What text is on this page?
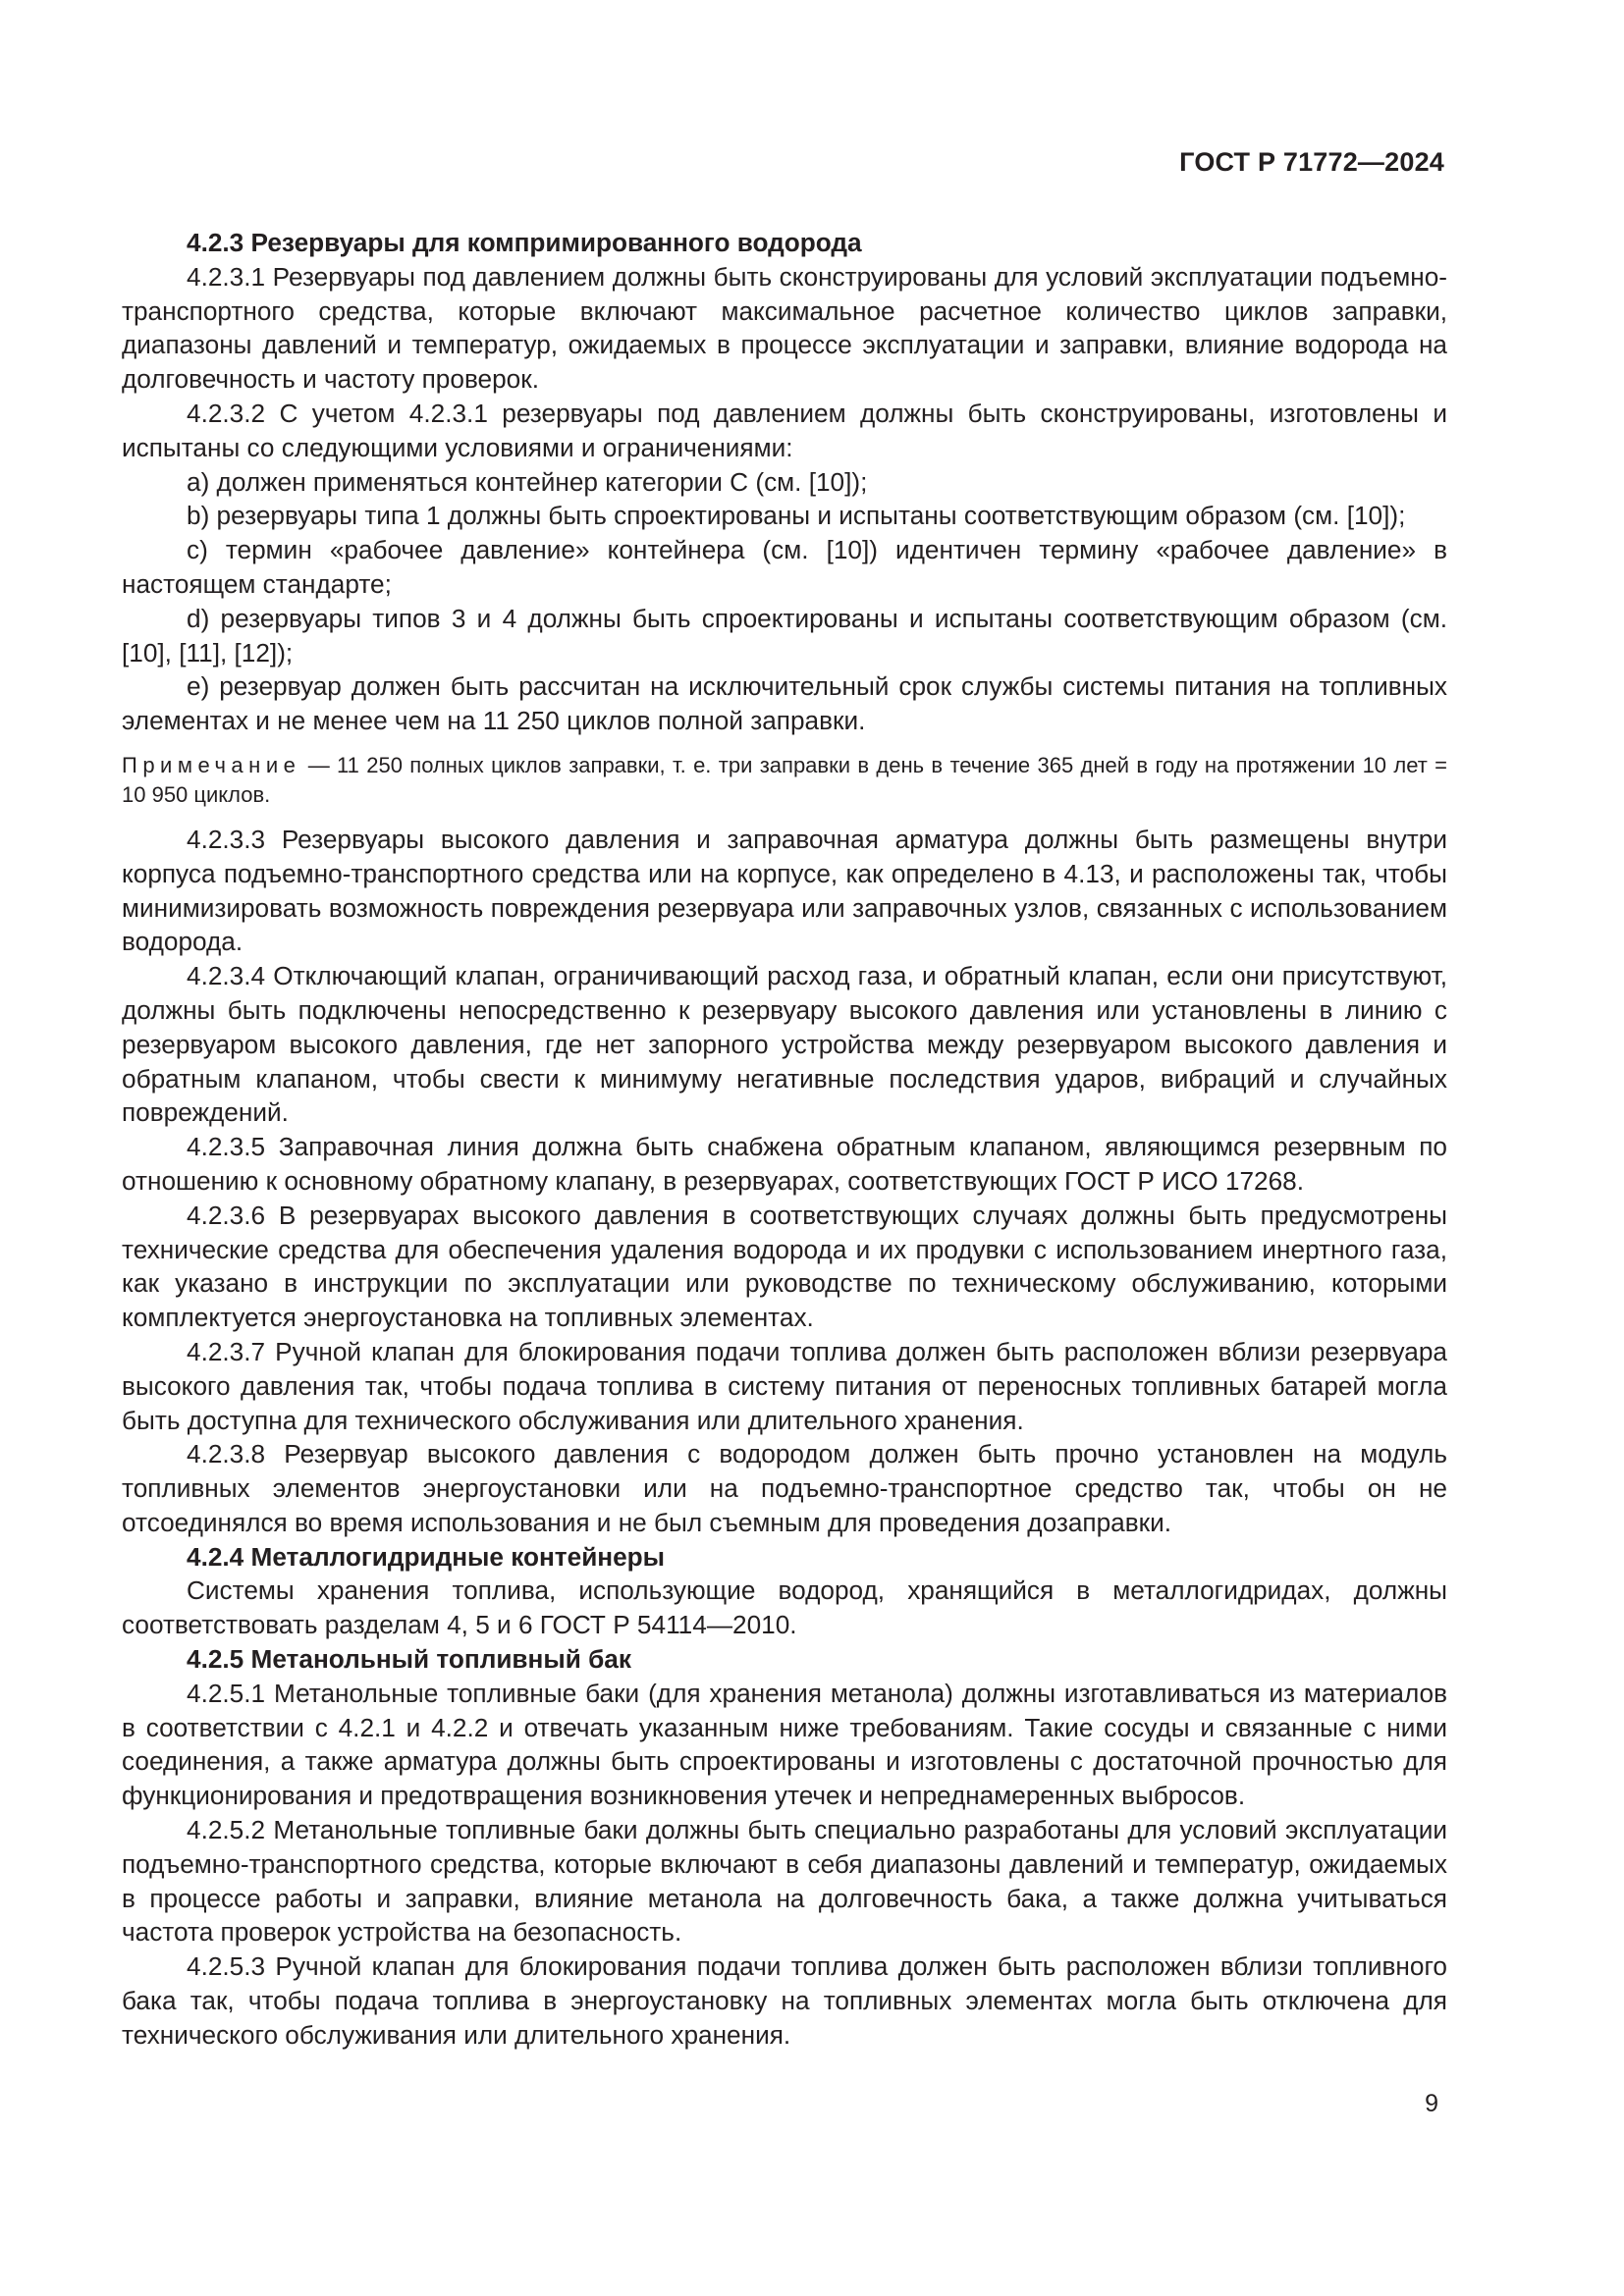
ГОСТ Р 71772—2024

4.2.3 Резервуары для компримированного водорода

4.2.3.1 Резервуары под давлением должны быть сконструированы для условий эксплуатации подъемно-транспортного средства, которые включают максимальное расчетное количество циклов заправки, диапазоны давлений и температур, ожидаемых в процессе эксплуатации и заправки, влияние водорода на долговечность и частоту проверок.

4.2.3.2 С учетом 4.2.3.1 резервуары под давлением должны быть сконструированы, изготовлены и испытаны со следующими условиями и ограничениями:

a) должен применяться контейнер категории С (см. [10]);

b) резервуары типа 1 должны быть спроектированы и испытаны соответствующим образом (см. [10]);

c) термин «рабочее давление» контейнера (см. [10]) идентичен термину «рабочее давление» в настоящем стандарте;

d) резервуары типов 3 и 4 должны быть спроектированы и испытаны соответствующим образом (см. [10], [11], [12]);

e) резервуар должен быть рассчитан на исключительный срок службы системы питания на топливных элементах и не менее чем на 11 250 циклов полной заправки.

Примечание — 11 250 полных циклов заправки, т. е. три заправки в день в течение 365 дней в году на протяжении 10 лет = 10 950 циклов.

4.2.3.3 Резервуары высокого давления и заправочная арматура должны быть размещены внутри корпуса подъемно-транспортного средства или на корпусе, как определено в 4.13, и расположены так, чтобы минимизировать возможность повреждения резервуара или заправочных узлов, связанных с использованием водорода.

4.2.3.4 Отключающий клапан, ограничивающий расход газа, и обратный клапан, если они присутствуют, должны быть подключены непосредственно к резервуару высокого давления или установлены в линию с резервуаром высокого давления, где нет запорного устройства между резервуаром высокого давления и обратным клапаном, чтобы свести к минимуму негативные последствия ударов, вибраций и случайных повреждений.

4.2.3.5 Заправочная линия должна быть снабжена обратным клапаном, являющимся резервным по отношению к основному обратному клапану, в резервуарах, соответствующих ГОСТ Р ИСО 17268.

4.2.3.6 В резервуарах высокого давления в соответствующих случаях должны быть предусмотрены технические средства для обеспечения удаления водорода и их продувки с использованием инертного газа, как указано в инструкции по эксплуатации или руководстве по техническому обслуживанию, которыми комплектуется энергоустановка на топливных элементах.

4.2.3.7 Ручной клапан для блокирования подачи топлива должен быть расположен вблизи резервуара высокого давления так, чтобы подача топлива в систему питания от переносных топливных батарей могла быть доступна для технического обслуживания или длительного хранения.

4.2.3.8 Резервуар высокого давления с водородом должен быть прочно установлен на модуль топливных элементов энергоустановки или на подъемно-транспортное средство так, чтобы он не отсоединялся во время использования и не был съемным для проведения дозаправки.

4.2.4 Металлогидридные контейнеры

Системы хранения топлива, использующие водород, хранящийся в металлогидридах, должны соответствовать разделам 4, 5 и 6 ГОСТ Р 54114—2010.

4.2.5 Метанольный топливный бак

4.2.5.1 Метанольные топливные баки (для хранения метанола) должны изготавливаться из материалов в соответствии с 4.2.1 и 4.2.2 и отвечать указанным ниже требованиям. Такие сосуды и связанные с ними соединения, а также арматура должны быть спроектированы и изготовлены с достаточной прочностью для функционирования и предотвращения возникновения утечек и непреднамеренных выбросов.

4.2.5.2 Метанольные топливные баки должны быть специально разработаны для условий эксплуатации подъемно-транспортного средства, которые включают в себя диапазоны давлений и температур, ожидаемых в процессе работы и заправки, влияние метанола на долговечность бака, а также должна учитываться частота проверок устройства на безопасность.

4.2.5.3 Ручной клапан для блокирования подачи топлива должен быть расположен вблизи топливного бака так, чтобы подача топлива в энергоустановку на топливных элементах могла быть отключена для технического обслуживания или длительного хранения.

9
